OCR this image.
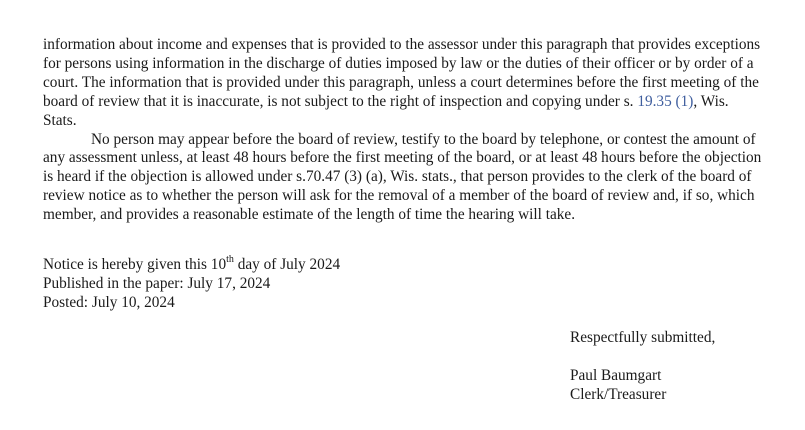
information about income and expenses that is provided to the assessor under this paragraph that provides exceptions for persons using information in the discharge of duties imposed by law or the duties of their officer or by order of a court. The information that is provided under this paragraph, unless a court determines before the first meeting of the board of review that it is inaccurate, is not subject to the right of inspection and copying under s. 19.35 (1), Wis. Stats.

No person may appear before the board of review, testify to the board by telephone, or contest the amount of any assessment unless, at least 48 hours before the first meeting of the board, or at least 48 hours before the objection is heard if the objection is allowed under s.70.47 (3) (a), Wis. stats., that person provides to the clerk of the board of review notice as to whether the person will ask for the removal of a member of the board of review and, if so, which member, and provides a reasonable estimate of the length of time the hearing will take.

Notice is hereby given this 10th day of July 2024
Published in the paper: July 17, 2024
Posted: July 10, 2024
Respectfully submitted,
Paul Baumgart
Clerk/Treasurer
